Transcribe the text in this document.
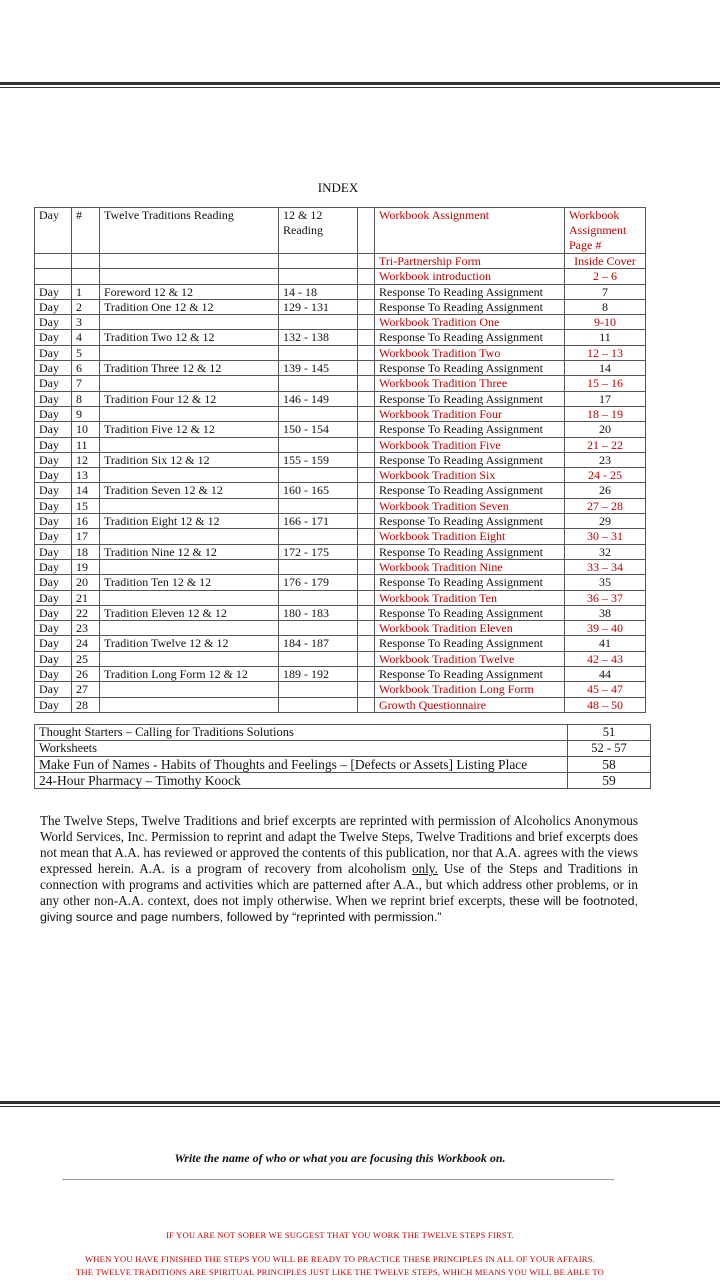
INDEX
Day	#	Twelve Traditions Reading	12 & 12 Reading		Workbook Assignment	Workbook Assignment Page #
					Tri-Partnership Form	Inside Cover
					Workbook introduction	2 – 6
Day	1	Foreword 12 & 12	14 - 18		Response To Reading Assignment	7
Day	2	Tradition One 12 & 12	129 - 131		Response To Reading Assignment	8
Day	3				Workbook Tradition One	9-10
Day	4	Tradition Two 12 & 12	132 - 138		Response To Reading Assignment	11
Day	5				Workbook Tradition Two	12 – 13
Day	6	Tradition Three 12 & 12	139 - 145		Response To Reading Assignment	14
Day	7				Workbook Tradition Three	15 – 16
Day	8	Tradition Four 12 & 12	146 - 149		Response To Reading Assignment	17
Day	9				Workbook Tradition Four	18 – 19
Day	10	Tradition Five 12 & 12	150 - 154		Response To Reading Assignment	20
Day	11				Workbook Tradition Five	21 – 22
Day	12	Tradition Six 12 & 12	155 - 159		Response To Reading Assignment	23
Day	13				Workbook Tradition Six	24 - 25
Day	14	Tradition Seven 12 & 12	160 - 165		Response To Reading Assignment	26
Day	15				Workbook Tradition Seven	27 – 28
Day	16	Tradition Eight 12 & 12	166 - 171		Response To Reading Assignment	29
Day	17				Workbook Tradition Eight	30 – 31
Day	18	Tradition Nine 12 & 12	172 - 175		Response To Reading Assignment	32
Day	19				Workbook Tradition Nine	33 – 34
Day	20	Tradition Ten 12 & 12	176 - 179		Response To Reading Assignment	35
Day	21				Workbook Tradition Ten	36 – 37
Day	22	Tradition Eleven 12 & 12	180 - 183		Response To Reading Assignment	38
Day	23				Workbook Tradition Eleven	39 – 40
Day	24	Tradition Twelve 12 & 12	184 - 187		Response To Reading Assignment	41
Day	25				Workbook Tradition Twelve	42 – 43
Day	26	Tradition Long Form 12 & 12	189 - 192		Response To Reading Assignment	44
Day	27				Workbook Tradition Long Form	45 – 47
Day	28				Growth Questionnaire	48 – 50
Thought Starters – Calling for Traditions Solutions	51
Worksheets	52 - 57
Make Fun of Names - Habits of Thoughts and Feelings – [Defects or Assets] Listing Place	58
24-Hour Pharmacy – Timothy Koock	59
The Twelve Steps, Twelve Traditions and brief excerpts are reprinted with permission of Alcoholics Anonymous World Services, Inc. Permission to reprint and adapt the Twelve Steps, Twelve Traditions and brief excerpts does not mean that A.A. has reviewed or approved the contents of this publication, nor that A.A. agrees with the views expressed herein. A.A. is a program of recovery from alcoholism only. Use of the Steps and Traditions in connection with programs and activities which are patterned after A.A., but which address other problems, or in any other non-A.A. context, does not imply otherwise. When we reprint brief excerpts, these will be footnoted, giving source and page numbers, followed by “reprinted with permission.”
Write the name of who or what you are focusing this Workbook on.
IF YOU ARE NOT SOBER WE SUGGEST THAT YOU WORK THE TWELVE STEPS FIRST.
WHEN YOU HAVE FINISHED THE STEPS YOU WILL BE READY TO PRACTICE THESE PRINCIPLES IN ALL OF YOUR AFFAIRS.
THE TWELVE TRADITIONS ARE SPIRITUAL PRINCIPLES JUST LIKE THE TWELVE STEPS, WHICH MEANS YOU WILL BE ABLE TO
